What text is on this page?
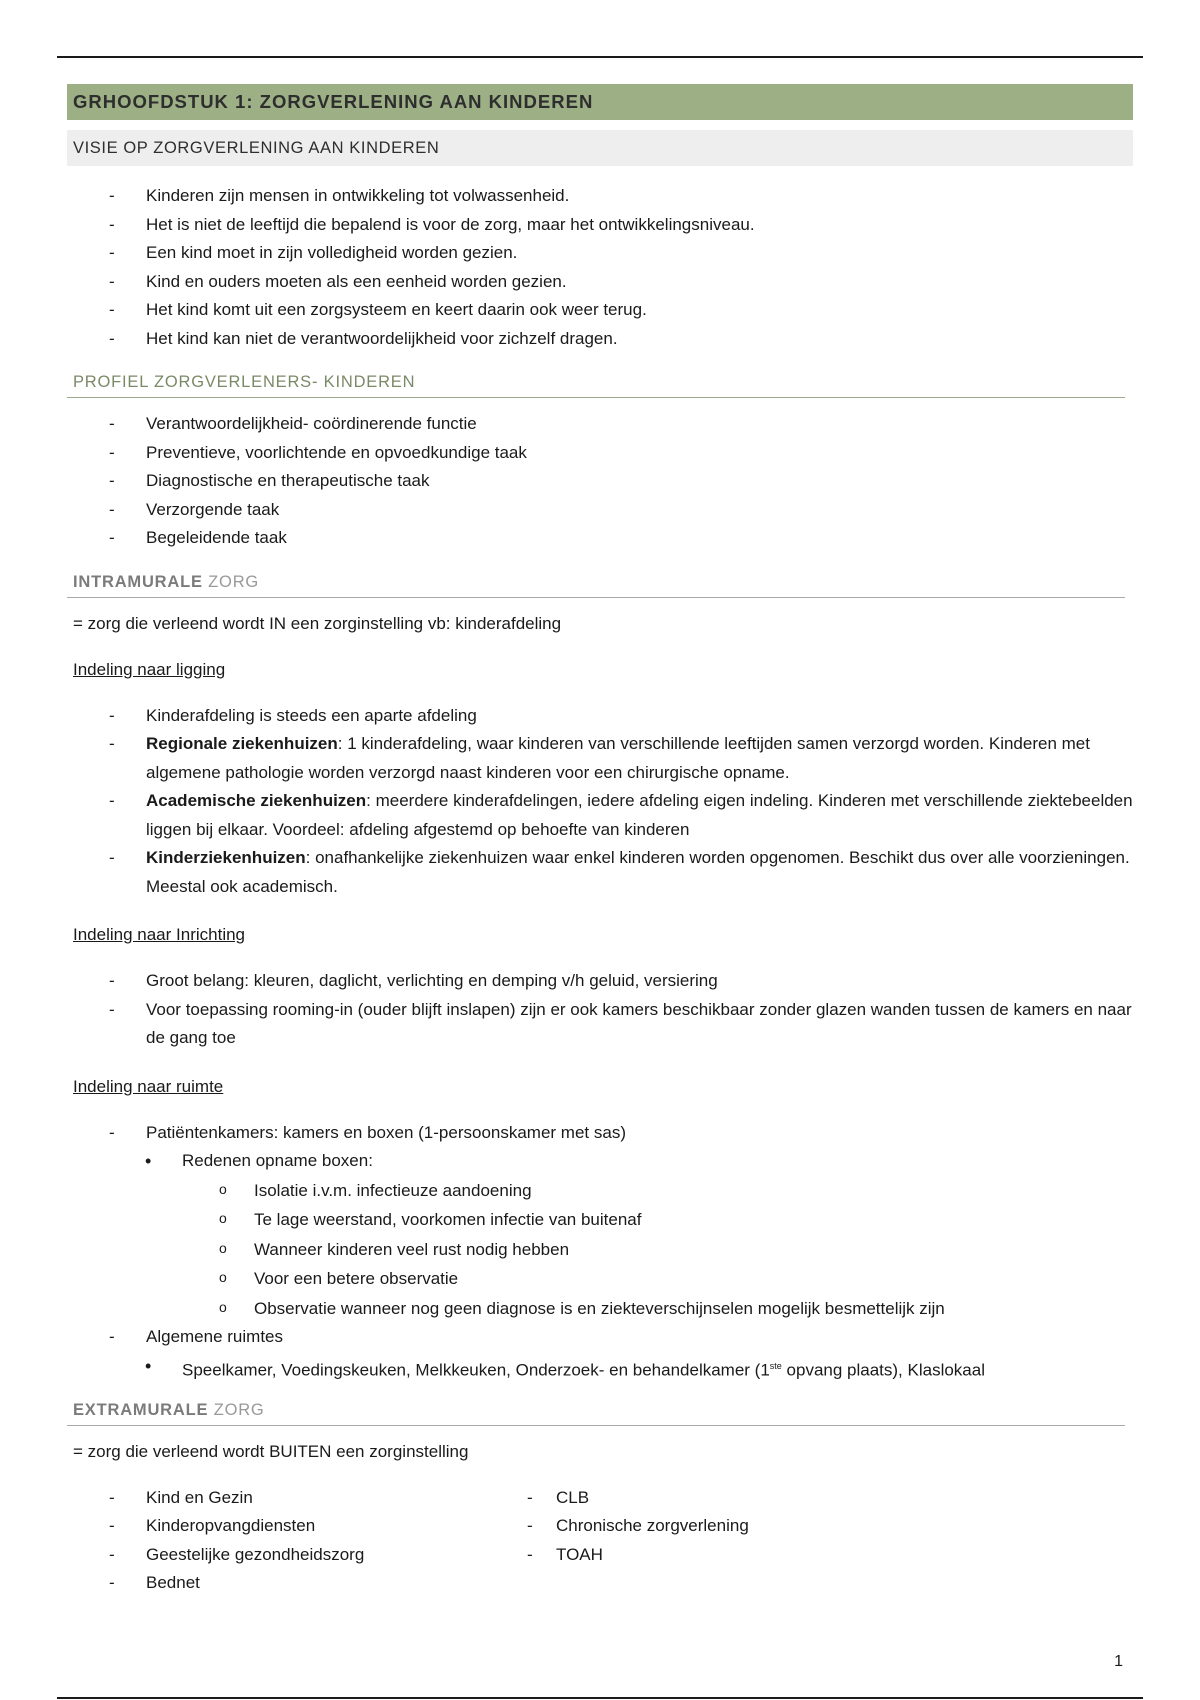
GRHOOFDSTUK 1: ZORGVERLENING AAN KINDEREN
VISIE OP ZORGVERLENING AAN KINDEREN
- Kinderen zijn mensen in ontwikkeling tot volwassenheid.
- Het is niet de leeftijd die bepalend is voor de zorg, maar het ontwikkelingsniveau.
- Een kind moet in zijn volledigheid worden gezien.
- Kind en ouders moeten als een eenheid worden gezien.
- Het kind komt uit een zorgsysteem en keert daarin ook weer terug.
- Het kind kan niet de verantwoordelijkheid voor zichzelf dragen.
PROFIEL ZORGVERLENERS- KINDEREN
- Verantwoordelijkheid- coördinerende functie
- Preventieve, voorlichtende en opvoedkundige taak
- Diagnostische en therapeutische taak
- Verzorgende taak
- Begeleidende taak
INTRAMURALE ZORG
= zorg die verleend wordt IN een zorginstelling vb: kinderafdeling
Indeling naar ligging
- Kinderafdeling is steeds een aparte afdeling
- Regionale ziekenhuizen: 1 kinderafdeling, waar kinderen van verschillende leeftijden samen verzorgd worden. Kinderen met algemene pathologie worden verzorgd naast kinderen voor een chirurgische opname.
- Academische ziekenhuizen: meerdere kinderafdelingen, iedere afdeling eigen indeling. Kinderen met verschillende ziektebeelden liggen bij elkaar. Voordeel: afdeling afgestemd op behoefte van kinderen
- Kinderziekenhuizen: onafhankelijke ziekenhuizen waar enkel kinderen worden opgenomen. Beschikt dus over alle voorzieningen. Meestal ook academisch.
Indeling naar Inrichting
- Groot belang: kleuren, daglicht, verlichting en demping v/h geluid, versiering
- Voor toepassing rooming-in (ouder blijft inslapen) zijn er ook kamers beschikbaar zonder glazen wanden tussen de kamers en naar de gang toe
Indeling naar ruimte
- Patiëntenkamers: kamers en boxen (1-persoonskamer met sas)
• Redenen opname boxen:
o Isolatie i.v.m. infectieuze aandoening
o Te lage weerstand, voorkomen infectie van buitenaf
o Wanneer kinderen veel rust nodig hebben
o Voor een betere observatie
o Observatie wanneer nog geen diagnose is en ziekteverschijnselen mogelijk besmettelijk zijn
- Algemene ruimtes
• Speelkamer, Voedingskeuken, Melkkeuken, Onderzoek- en behandelkamer (1ste opvang plaats), Klaslokaal
EXTRAMURALE ZORG
= zorg die verleend wordt BUITEN een zorginstelling
- Kind en Gezin
- Kinderopvangdiensten
- Geestelijke gezondheidszorg
- Bednet
- CLB
- Chronische zorgverlening
- TOAH
1
